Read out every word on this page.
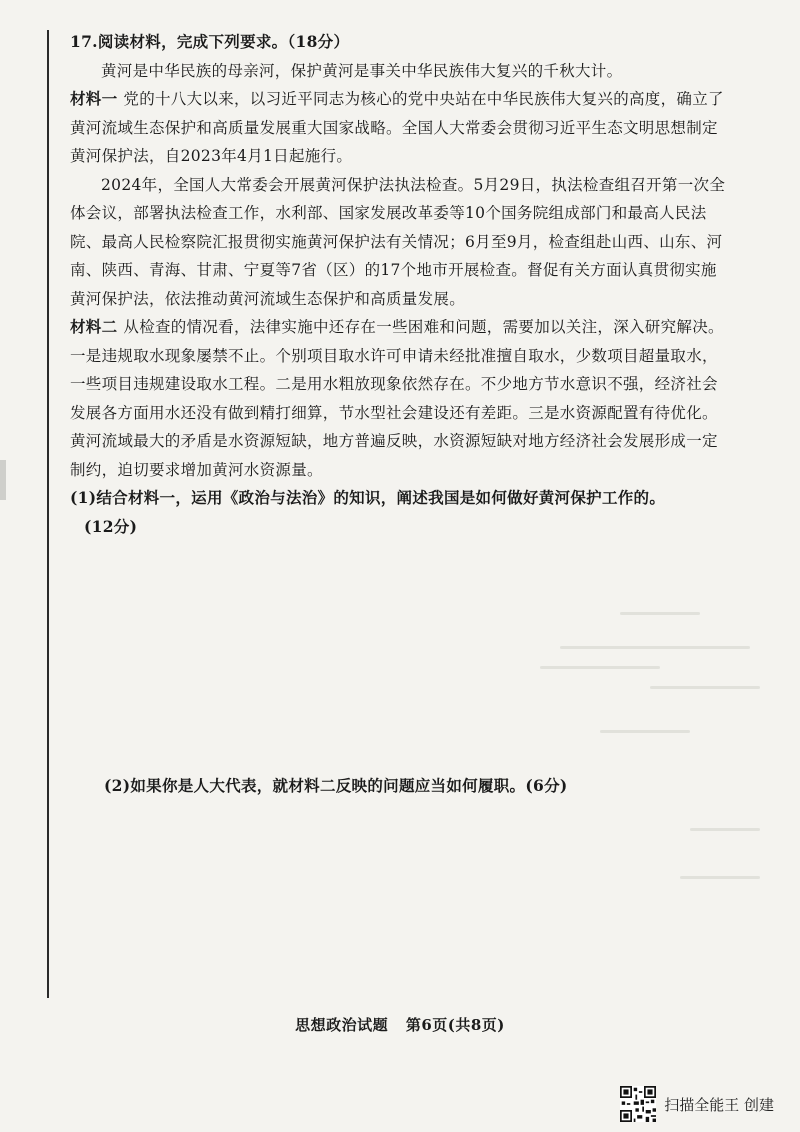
17.阅读材料，完成下列要求。（18分）

黄河是中华民族的母亲河，保护黄河是事关中华民族伟大复兴的千秋大计。

材料一 党的十八大以来，以习近平同志为核心的党中央站在中华民族伟大复兴的高度，确立了黄河流域生态保护和高质量发展重大国家战略。全国人大常委会贯彻习近平生态文明思想制定黄河保护法，自2023年4月1日起施行。

2024年，全国人大常委会开展黄河保护法执法检查。5月29日，执法检查组召开第一次全体会议，部署执法检查工作，水利部、国家发展改革委等10个国务院组成部门和最高人民法院、最高人民检察院汇报贯彻实施黄河保护法有关情况；6月至9月，检查组赴山西、山东、河南、陕西、青海、甘肃、宁夏等7省（区）的17个地市开展检查。督促有关方面认真贯彻实施黄河保护法，依法推动黄河流域生态保护和高质量发展。

材料二 从检查的情况看，法律实施中还存在一些困难和问题，需要加以关注，深入研究解决。一是违规取水现象屡禁不止。个别项目取水许可申请未经批准擅自取水，少数项目超量取水，一些项目违规建设取水工程。二是用水粗放现象依然存在。不少地方节水意识不强，经济社会发展各方面用水还没有做到精打细算，节水型社会建设还有差距。三是水资源配置有待优化。黄河流域最大的矛盾是水资源短缺，地方普遍反映，水资源短缺对地方经济社会发展形成一定制约，迫切要求增加黄河水资源量。

(1)结合材料一，运用《政治与法治》的知识，阐述我国是如何做好黄河保护工作的。

(12分)

(2)如果你是人大代表，就材料二反映的问题应当如何履职。(6分)

思想政治试题 第6页(共8页)
扫描全能王 创建
